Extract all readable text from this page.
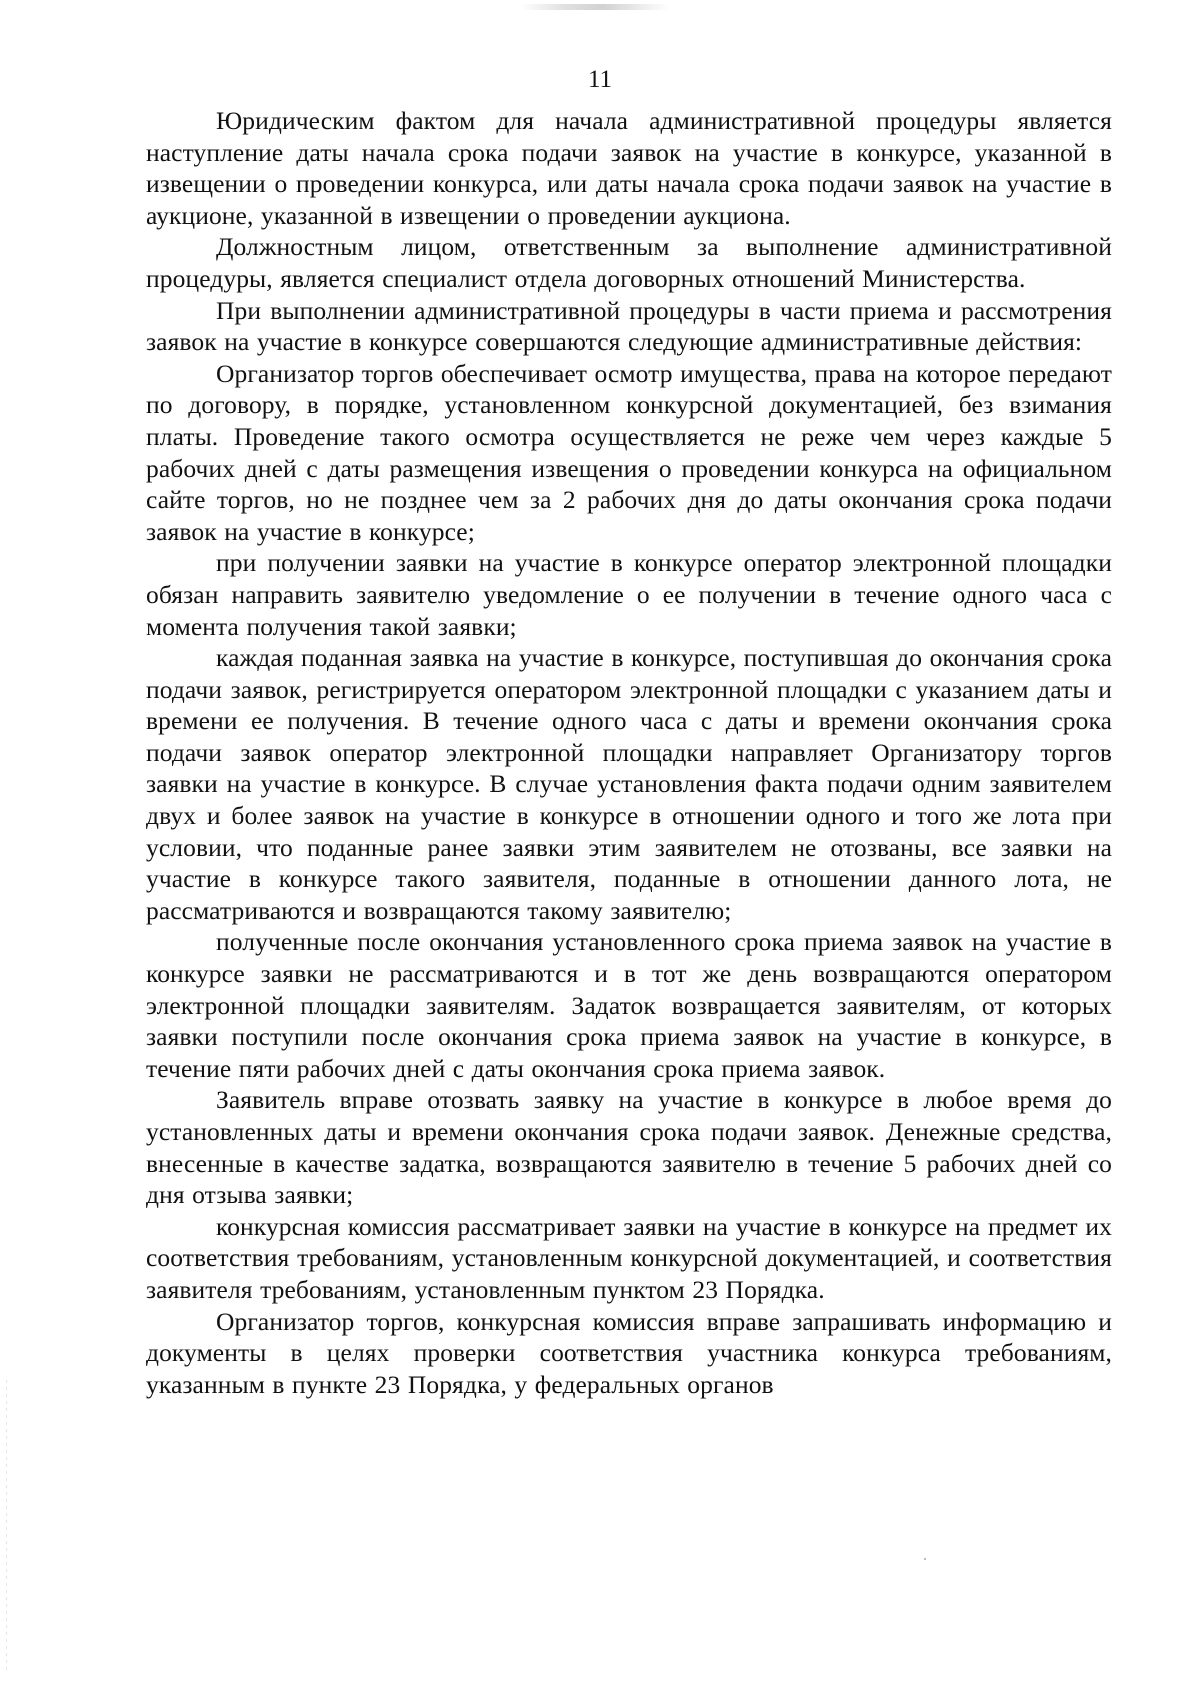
11

Юридическим фактом для начала административной процедуры является наступление даты начала срока подачи заявок на участие в конкурсе, указанной в извещении о проведении конкурса, или даты начала срока подачи заявок на участие в аукционе, указанной в извещении о проведении аукциона.

Должностным лицом, ответственным за выполнение административной процедуры, является специалист отдела договорных отношений Министерства.

При выполнении административной процедуры в части приема и рассмотрения заявок на участие в конкурсе совершаются следующие административные действия:

Организатор торгов обеспечивает осмотр имущества, права на которое передают по договору, в порядке, установленном конкурсной документацией, без взимания платы. Проведение такого осмотра осуществляется не реже чем через каждые 5 рабочих дней с даты размещения извещения о проведении конкурса на официальном сайте торгов, но не позднее чем за 2 рабочих дня до даты окончания срока подачи заявок на участие в конкурсе;

при получении заявки на участие в конкурсе оператор электронной площадки обязан направить заявителю уведомление о ее получении в течение одного часа с момента получения такой заявки;

каждая поданная заявка на участие в конкурсе, поступившая до окончания срока подачи заявок, регистрируется оператором электронной площадки с указанием даты и времени ее получения. В течение одного часа с даты и времени окончания срока подачи заявок оператор электронной площадки направляет Организатору торгов заявки на участие в конкурсе. В случае установления факта подачи одним заявителем двух и более заявок на участие в конкурсе в отношении одного и того же лота при условии, что поданные ранее заявки этим заявителем не отозваны, все заявки на участие в конкурсе такого заявителя, поданные в отношении данного лота, не рассматриваются и возвращаются такому заявителю;

полученные после окончания установленного срока приема заявок на участие в конкурсе заявки не рассматриваются и в тот же день возвращаются оператором электронной площадки заявителям. Задаток возвращается заявителям, от которых заявки поступили после окончания срока приема заявок на участие в конкурсе, в течение пяти рабочих дней с даты окончания срока приема заявок.

Заявитель вправе отозвать заявку на участие в конкурсе в любое время до установленных даты и времени окончания срока подачи заявок. Денежные средства, внесенные в качестве задатка, возвращаются заявителю в течение 5 рабочих дней со дня отзыва заявки;

конкурсная комиссия рассматривает заявки на участие в конкурсе на предмет их соответствия требованиям, установленным конкурсной документацией, и соответствия заявителя требованиям, установленным пунктом 23 Порядка.

Организатор торгов, конкурсная комиссия вправе запрашивать информацию и документы в целях проверки соответствия участника конкурса требованиям, указанным в пункте 23 Порядка, у федеральных органов
